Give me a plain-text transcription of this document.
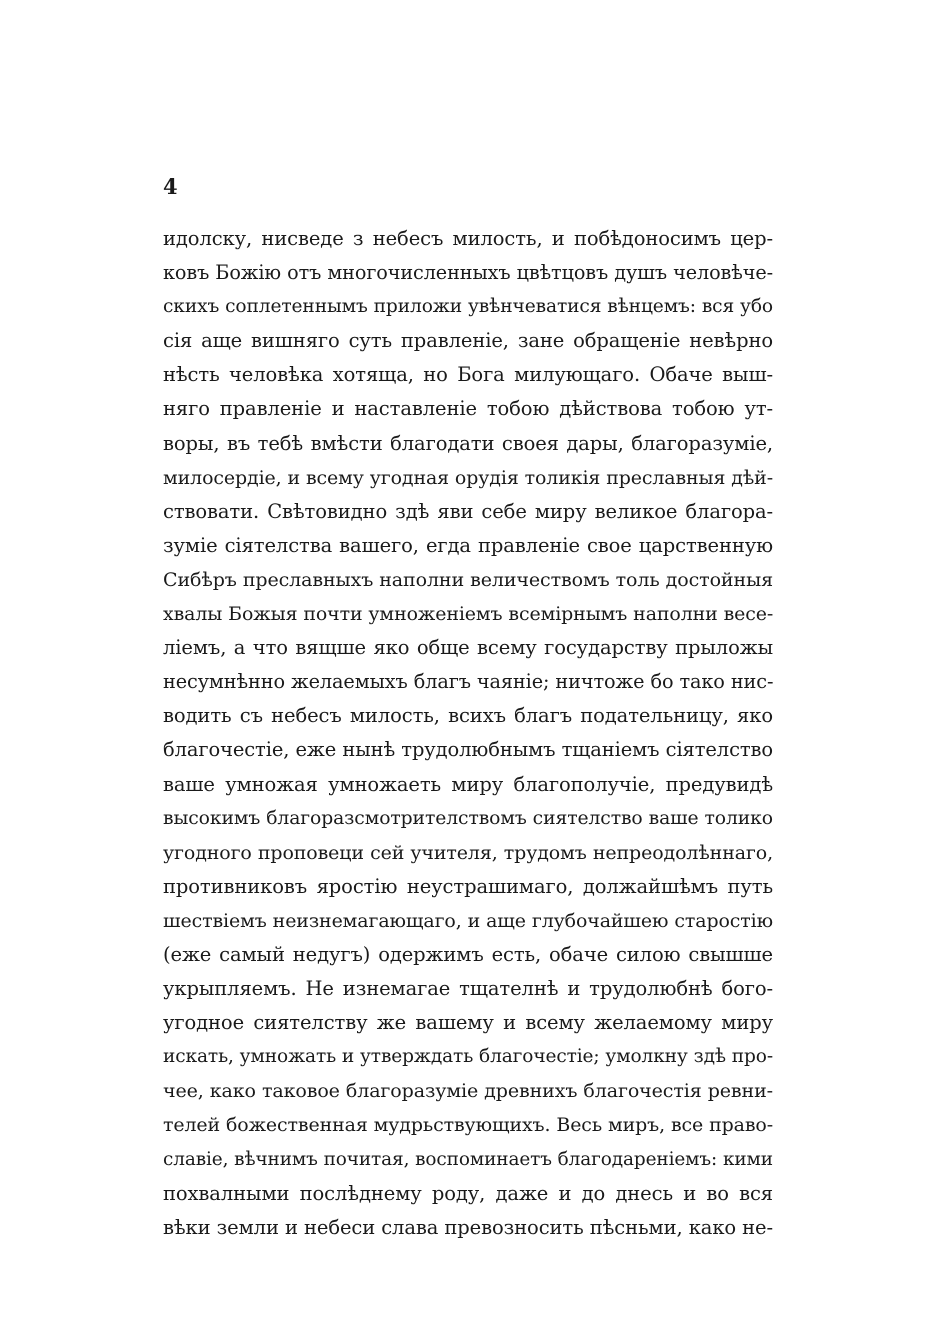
4
идолску, нисведе з небесъ милость, и побѣдоносимъ цер-
ковъ Божiю отъ многочисленныхъ цвѣтцовъ душъ человѣче-
скихъ соплетеннымъ приложи увѣнчеватися вѣнцемъ: вся убо
сiя аще вишняго суть правленiе, зане обращенiе невѣрно
нѣсть человѣка хотяща, но Бога милующаго. Обаче выш-
няго правленiе и наставленiе тобою дѣйствова тобою ут-
воры, въ тебѣ вмѣсти благодати своея дары, благоразумiе,
милосердiе, и всему угодная орудiя толикiя преславныя дѣй-
ствовати. Свѣтовидно здѣ яви себе миру великое благора-
зумiе сiятелства вашего, егда правленiе свое царственную
Сибѣръ преславныхъ наполни величествомъ толь достойныя
хвалы Божыя почти умноженiемъ всемiрнымъ наполни весе-
лiемъ, а что вящше яко обще всему государству прыложы
несумнѣнно желаемыхъ благъ чаянiе; ничтоже бо тако нис-
водить съ небесъ милость, всихъ благъ подательницу, яко
благочестiе, еже нынѣ трудолюбнымъ тщанiемъ сiятелство
ваше умножая умножаеть миру благополучiе, предувидѣ
высокимъ благоразсмотрителствомъ сиятелство ваше толико
угодного проповеци сей учителя, трудомъ непреодолѣннаго,
противниковъ яростiю неустрашимаго, должайшѣмъ путь
шествiемъ неизнемагающаго, и аще глубочайшею старостiю
(еже самый недугъ) одержимъ есть, обаче силою свышше
укрыпляемъ. Не изнемагае тщателнѣ и трудолюбнѣ бого-
угодное сиятелству же вашему и всему желаемому миру
искать, умножать и утверждать благочестiе; умолкну здѣ про-
чее, како таковое благоразумiе древнихъ благочестiя ревни-
телей божественная мудрьствующихъ. Весь миръ, все право-
славiе, вѣчнимъ почитая, воспоминаетъ благодаренiемъ: кими
похвалными послѣднему роду, даже и до днесь и во вся
вѣки земли и небеси слава превозносить пѣсньми, како не-
